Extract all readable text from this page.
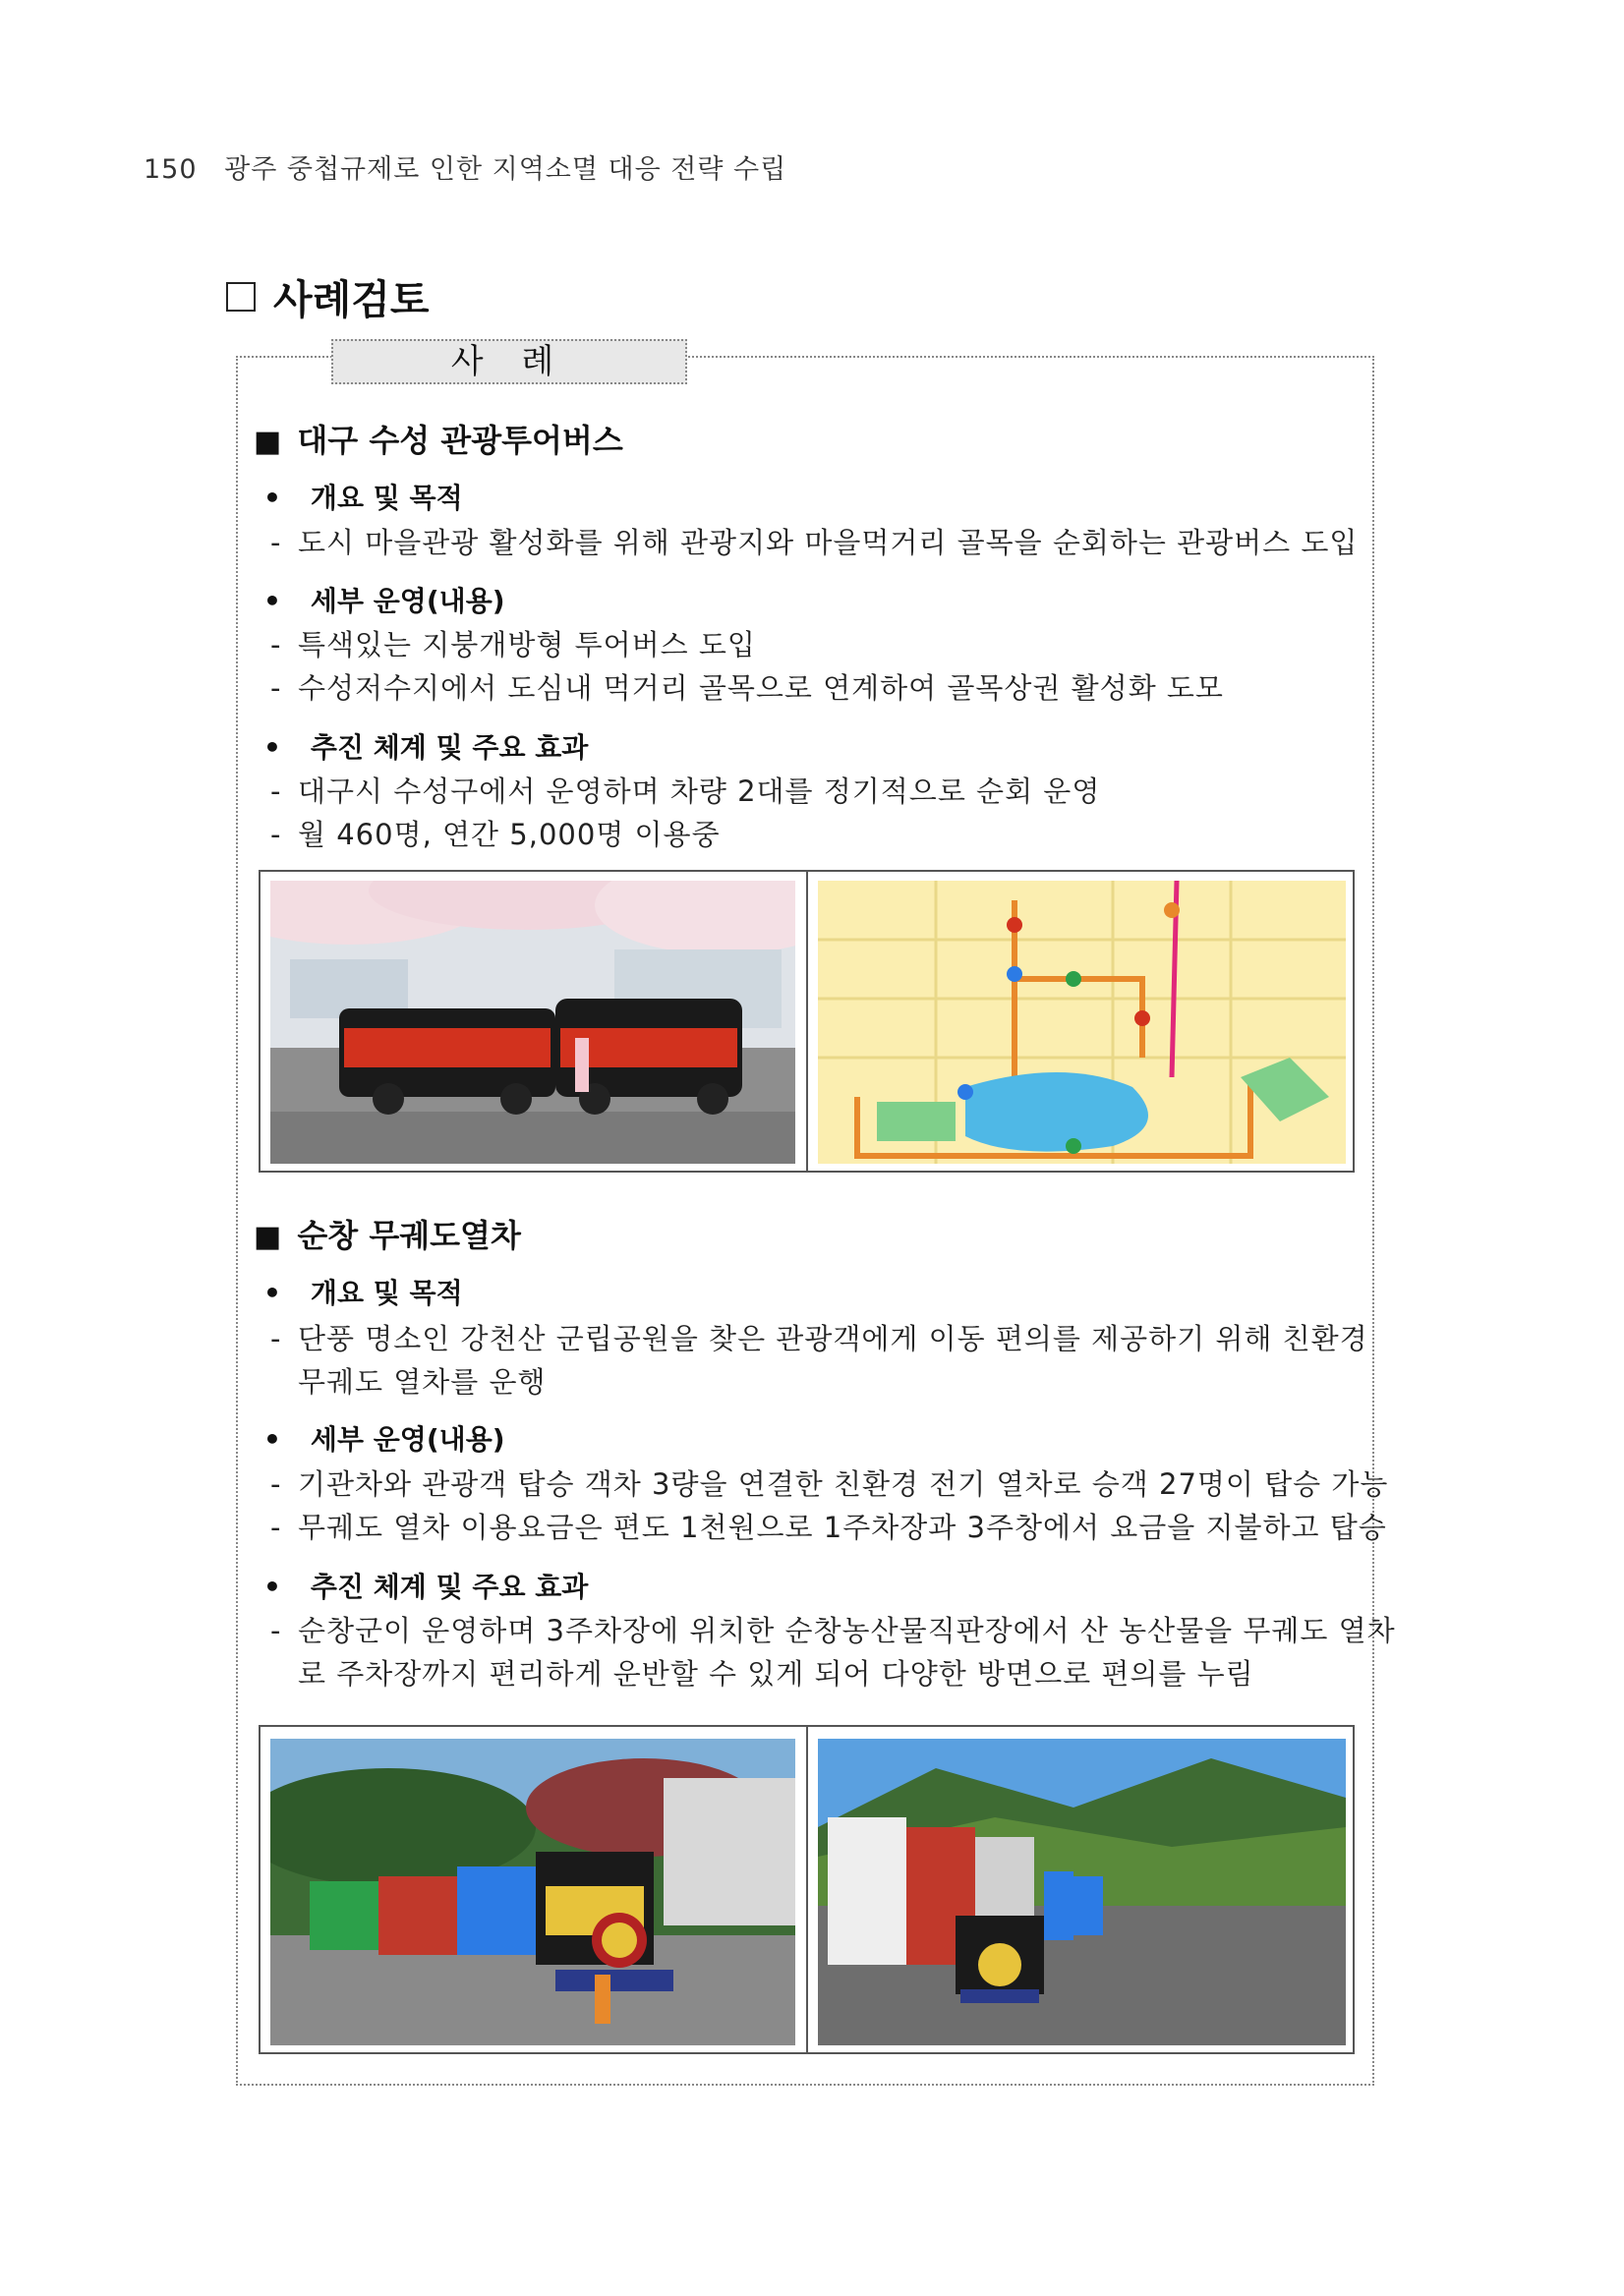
150 광주 중첩규제로 인한 지역소멸 대응 전략 수립
사례검토
사 례
■ 대구 수성 관광투어버스
• 개요 및 목적
- 도시 마을관광 활성화를 위해 관광지와 마을먹거리 골목을 순회하는 관광버스 도입
• 세부 운영(내용)
- 특색있는 지붕개방형 투어버스 도입
- 수성저수지에서 도심내 먹거리 골목으로 연계하여 골목상권 활성화 도모
• 추진 체계 및 주요 효과
- 대구시 수성구에서 운영하며 차량 2대를 정기적으로 순회 운영
- 월 460명, 연간 5,000명 이용중
■ 순창 무궤도열차
• 개요 및 목적
- 단풍 명소인 강천산 군립공원을 찾은 관광객에게 이동 편의를 제공하기 위해 친환경
무궤도 열차를 운행
• 세부 운영(내용)
- 기관차와 관광객 탑승 객차 3량을 연결한 친환경 전기 열차로 승객 27명이 탑승 가능
- 무궤도 열차 이용요금은 편도 1천원으로 1주차장과 3주창에서 요금을 지불하고 탑승
• 추진 체계 및 주요 효과
- 순창군이 운영하며 3주차장에 위치한 순창농산물직판장에서 산 농산물을 무궤도 열차
로 주차장까지 편리하게 운반할 수 있게 되어 다양한 방면으로 편의를 누림
